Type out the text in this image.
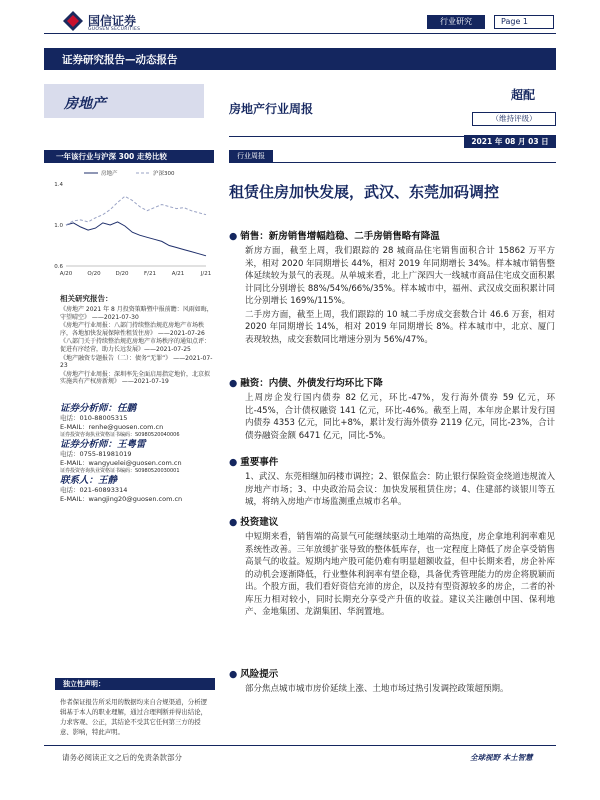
国信证券
GUOSEN SECURITIES
行业研究	Page 1
证券研究报告—动态报告
房地产	房地产行业周报
超配
（维持评级）
2021 年 08 月 03 日
一年该行业与沪深 300 走势比较
房地产	沪深300
A/20	O/20	D/20	F/21	A/21	J/21
1.4
1.0
0.6
相关研究报告：
《房地产 2021 年 8 月投资策略暨中报前瞻：风雨如晦，守望晴空》 ——2021-07-30
《房地产行业周报：八部门持续整治规范房地产市场秩序，各地加快发展保障性租赁住房》 ——2021-07-26
《八部门关于持续整治规范房地产市场秩序的通知点评：促进有序经营，助力长远发展》——2021-07-25
《地产融资专题报告（二）：债务“无罪”》 ——2021-07-23
《房地产行业周报：深圳率先全面启用指定地价，北京拟实施共有产权房新规》 ——2021-07-19
证券分析师：任鹏
电话：010-88005315
E-MAIL：renhe@guosen.com.cn
证券投资咨询执业资格证书编码：S0980520040006
证券分析师：王粤雷
电话：0755-81981019
E-MAIL：wangyuelei@guosen.com.cn
证券投资咨询执业资格证书编码：S0980520030001
联系人：王静
电话：021-60893314
E-MAIL：wangjing20@guosen.com.cn
独立性声明：
作者保证报告所采用的数据均来自合规渠道，分析逻辑基于本人的职业理解，通过合理判断并得出结论，力求客观、公正，其结论不受其它任何第三方的授意、影响，特此声明。
行业周报
租赁住房加快发展，武汉、东莞加码调控
● 销售：新房销售增幅趋稳、二手房销售略有降温
新房方面，截至上周，我们跟踪的 28 城商品住宅销售面积合计 15862 万平方米，相对 2020 年同期增长 44%，相对 2019 年同期增长 34%。样本城市销售整体延续较为景气的表现。从单城来看，北上广深四大一线城市商品住宅成交面积累计同比分别增长 88%/54%/66%/35%。样本城市中，福州、武汉成交面积累计同比分别增长 169%/115%。
二手房方面，截至上周，我们跟踪的 10 城二手房成交套数合计 46.6 万套，相对 2020 年同期增长 14%，相对 2019 年同期增长 8%。样本城市中，北京、厦门表现较热，成交套数同比增速分别为 56%/47%。
● 融资：内债、外债发行均环比下降
上周房企发行国内债券 82 亿元，环比-47%，发行海外债券 59 亿元，环比-45%，合计债权融资 141 亿元，环比-46%。截至上周，本年房企累计发行国内债券 4353 亿元，同比+8%，累计发行海外债券 2119 亿元，同比-23%，合计债券融资金额 6471 亿元，同比-5%。
● 重要事件
1、武汉、东莞相继加码楼市调控；2、银保监会：防止银行保险资金绕道违规流入房地产市场；3、中央政治局会议：加快发展租赁住房；4、住建部约谈银川等五城，将纳入房地产市场监测重点城市名单。
● 投资建议
中短期来看，销售端的高景气可能继续驱动土地端的高热度，房企拿地利润率难见系统性改善。三年放缓扩张导致的整体低库存，也一定程度上降低了房企享受销售高景气的收益。短期内地产股可能仍难有明显超额收益，但中长期来看，房企补库的动机会逐渐降低，行业整体利润率有望企稳，具备优秀管理能力的房企将脱颖而出。个股方面，我们看好资信充沛的房企，以及持有型资源较多的房企，二者的补库压力相对较小，同时长期充分享受产升值的收益。建议关注融创中国、保利地产、金地集团、龙湖集团、华润置地。
● 风险提示
部分焦点城市城市房价延续上涨、土地市场过热引发调控政策超预期。
请务必阅读正文之后的免责条款部分	全球视野 本土智慧
